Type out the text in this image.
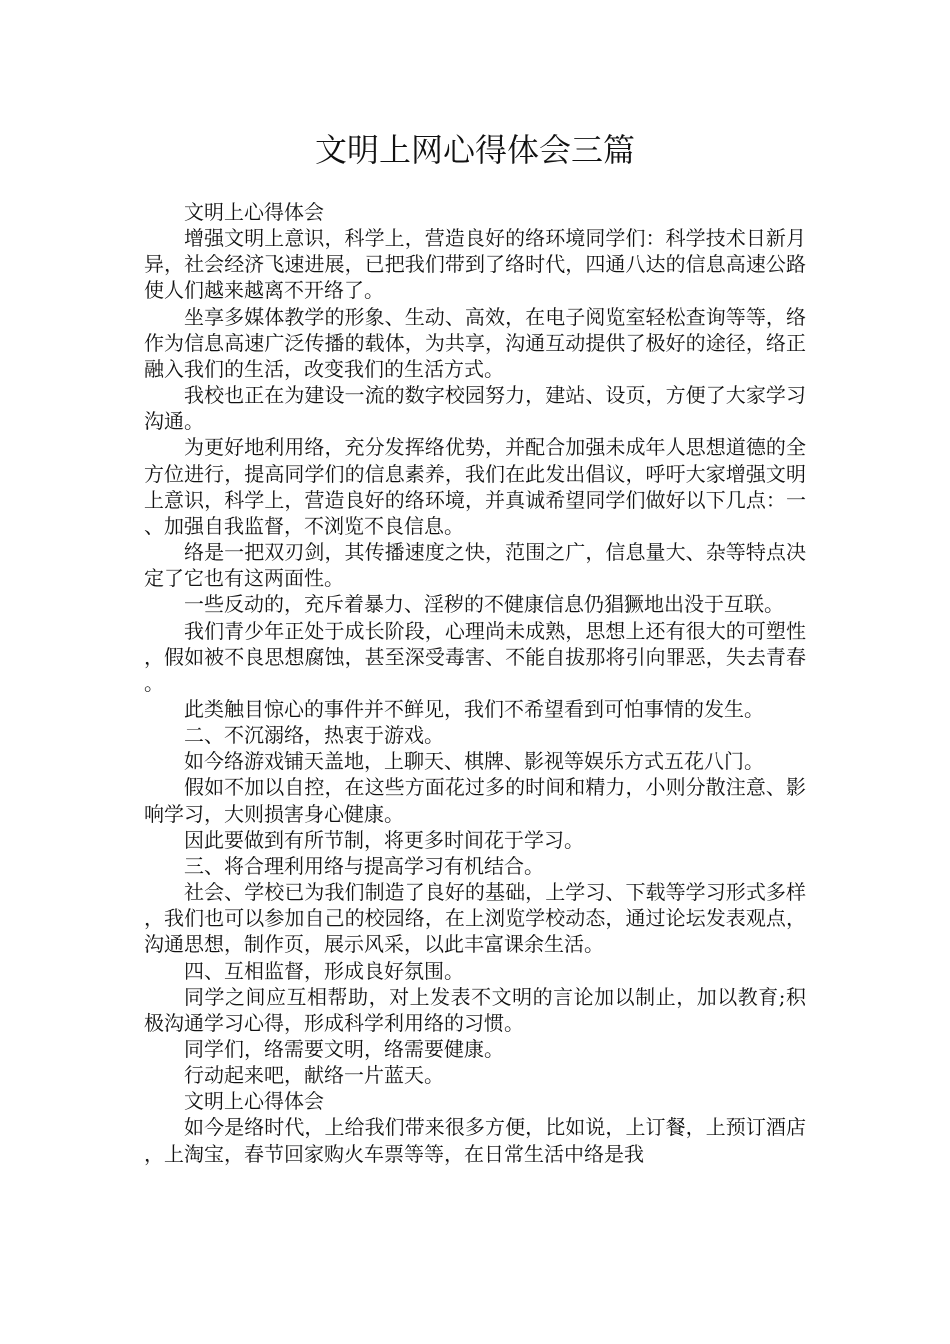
文明上网心得体会三篇

文明上心得体会

增强文明上意识，科学上，营造良好的络环境同学们：科学技术日新月异，社会经济飞速进展，已把我们带到了络时代，四通八达的信息高速公路使人们越来越离不开络了。

坐享多媒体教学的形象、生动、高效，在电子阅览室轻松查询等等，络作为信息高速广泛传播的载体，为共享，沟通互动提供了极好的途径，络正融入我们的生活，改变我们的生活方式。

我校也正在为建设一流的数字校园努力，建站、设页，方便了大家学习沟通。

为更好地利用络，充分发挥络优势，并配合加强未成年人思想道德的全方位进行，提高同学们的信息素养，我们在此发出倡议，呼吁大家增强文明上意识，科学上，营造良好的络环境，并真诚希望同学们做好以下几点：一、加强自我监督，不浏览不良信息。

络是一把双刃剑，其传播速度之快，范围之广，信息量大、杂等特点决定了它也有这两面性。

一些反动的，充斥着暴力、淫秽的不健康信息仍猖獗地出没于互联。

我们青少年正处于成长阶段，心理尚未成熟，思想上还有很大的可塑性，假如被不良思想腐蚀，甚至深受毒害、不能自拔那将引向罪恶，失去青春。

此类触目惊心的事件并不鲜见，我们不希望看到可怕事情的发生。

二、不沉溺络，热衷于游戏。

如今络游戏铺天盖地，上聊天、棋牌、影视等娱乐方式五花八门。

假如不加以自控，在这些方面花过多的时间和精力，小则分散注意、影响学习，大则损害身心健康。

因此要做到有所节制，将更多时间花于学习。

三、将合理利用络与提高学习有机结合。

社会、学校已为我们制造了良好的基础，上学习、下载等学习形式多样，我们也可以参加自己的校园络，在上浏览学校动态，通过论坛发表观点，沟通思想，制作页，展示风采，以此丰富课余生活。

四、互相监督，形成良好氛围。

同学之间应互相帮助，对上发表不文明的言论加以制止，加以教育;积极沟通学习心得，形成科学利用络的习惯。

同学们，络需要文明，络需要健康。

行动起来吧，献络一片蓝天。

文明上心得体会

如今是络时代，上给我们带来很多方便，比如说，上订餐，上预订酒店，上淘宝，春节回家购火车票等等，在日常生活中络是我
